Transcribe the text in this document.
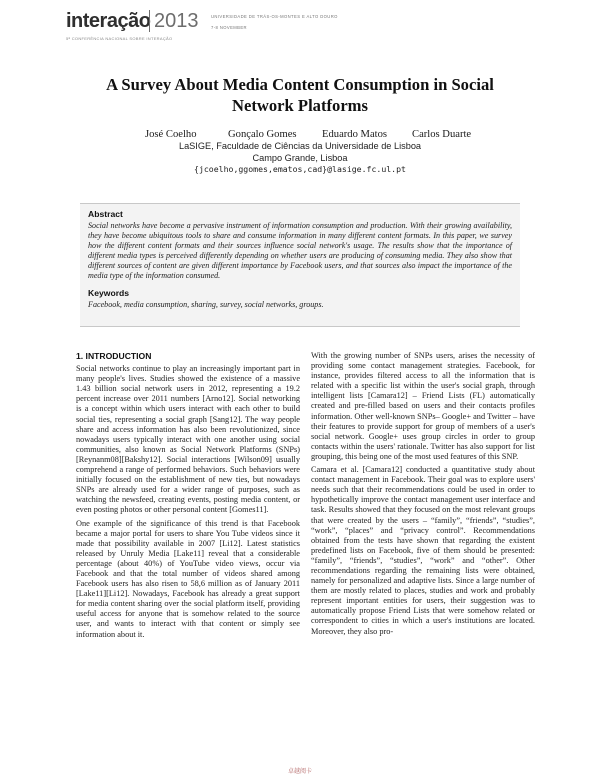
interação 2013	UNIVERSIDADE DE TRÁS-OS-MONTES E ALTO DOURO
7-8 NOVEMBER
5ª CONFERÊNCIA NACIONAL SOBRE INTERAÇÃO
A Survey About Media Content Consumption in Social Network Platforms
José Coelho	Gonçalo Gomes Eduardo Matos Carlos Duarte
LaSIGE, Faculdade de Ciências da Universidade de Lisboa
Campo Grande, Lisboa
{jcoelho,ggomes,ematos,cad}@lasige.fc.ul.pt
Abstract

Social networks have become a pervasive instrument of information consumption and production. With their growing availability, they have become ubiquitous tools to share and consume information in many different content formats. In this paper, we survey how the different content formats and their sources influence social network's usage. The results show that the importance of different media types is perceived differently depending on whether users are producing of consuming media. They also show that different sources of content are given different importance by Facebook users, and that sources also impact the importance of the media type of the information consumed.

Keywords

Facebook, media consumption, sharing, survey, social networks, groups.

1. INTRODUCTION

Social networks continue to play an increasingly important part in many people's lives. Studies showed the existence of a massive 1.43 billion social network users in 2012, representing a 19.2 percent increase over 2011 numbers [Arno12]. Social networking is a concept within which users interact with each other to build social ties, representing a social graph [Sang12]. The way people share and access information has also been revolutionized, since nowadays users typically interact with one another using social communities, also known as Social Network Platforms (SNPs) [Reynanm08][Bakshy12]. Social interactions [Wilson09] usually comprehend a range of performed behaviors. Such behaviors were initially focused on the establishment of new ties, but nowadays SNPs are already used for a wider range of purposes, such as watching the newsfeed, creating events, posting media content, or even posting photos or other personal content [Gomes11].

One example of the significance of this trend is that Facebook became a major portal for users to share You Tube videos since it made that possibility available in 2007 [Li12]. Latest statistics released by Unruly Media [Lake11] reveal that a considerable percentage (about 40%) of YouTube video views, occur via Facebook and that the total number of videos shared among Facebook users has also risen to 58,6 million as of January 2011 [Lake11][Li12]. Nowadays, Facebook has already a great support for media content sharing over the social platform itself, providing useful access for anyone that is somehow related to the source user, and wants to interact with that content or simply see information about it.

With the growing number of SNPs users, arises the necessity of providing some contact management strategies. Facebook, for instance, provides filtered access to all the information that is related with a specific list within the user's social graph, through intelligent lists [Camara12] – Friend Lists (FL) automatically created and pre-filled based on users and their contacts profiles information. Other well-known SNPs– Google+ and Twitter – have their features to provide support for group of members of a user's social network. Google+ uses group circles in order to group contacts within the users' rationale. Twitter has also support for list grouping, this being one of the most used features of this SNP.

Camara et al. [Camara12] conducted a quantitative study about contact management in Facebook. Their goal was to explore users' needs such that their recommendations could be used in order to hypothetically improve the contact management user interface and task. Results showed that they focused on the most relevant groups that were created by the users – “family”, “friends”, “studies”, “work”, “places” and “privacy control”. Recommendations obtained from the tests have shown that regarding the existent predefined lists on Facebook, five of them should be presented: “family”, “friends”, “studies”, “work” and “other”. Other recommendations regarding the remaining lists were obtained, namely for personalized and adaptive lists. Since a large number of them are mostly related to places, studies and work and probably represent important entities for users, their suggestion was to automatically propose Friend Lists that were somehow related or correspondent to cities in which a user's institutions are located. Moreover, they also pro-

卓越阅卡
